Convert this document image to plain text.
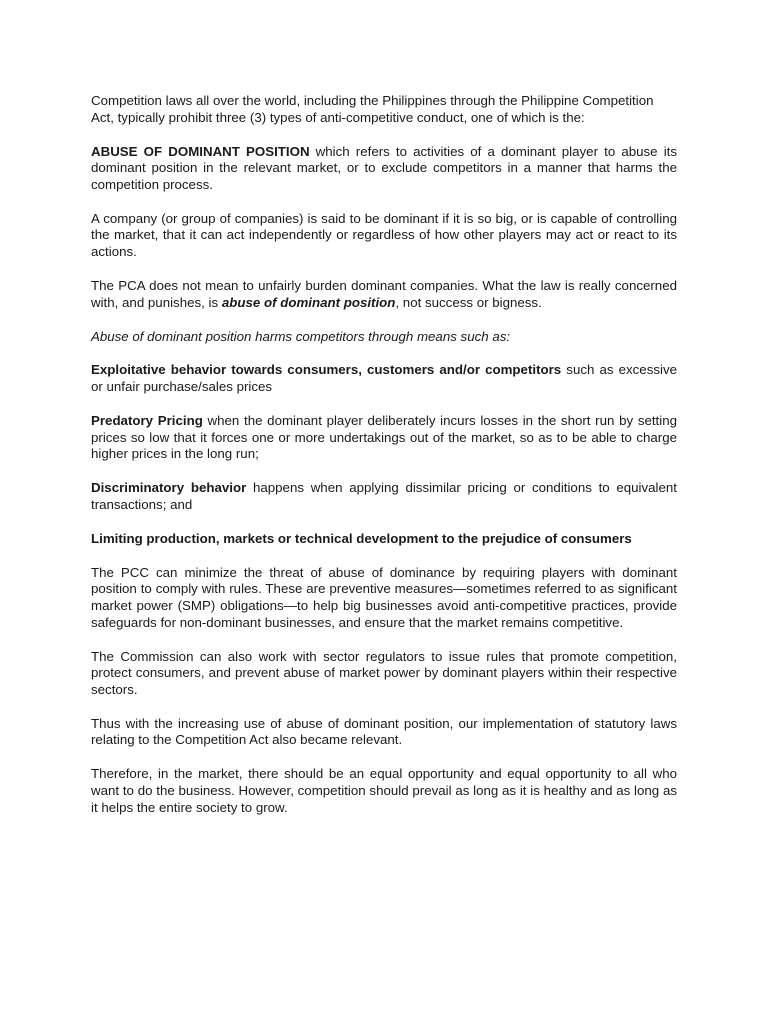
Competition laws all over the world, including the Philippines through the Philippine Competition Act, typically prohibit three (3) types of anti-competitive conduct, one of which is the:

ABUSE OF DOMINANT POSITION which refers to activities of a dominant player to abuse its dominant position in the relevant market, or to exclude competitors in a manner that harms the competition process.

A company (or group of companies) is said to be dominant if it is so big, or is capable of controlling the market, that it can act independently or regardless of how other players may act or react to its actions.

The PCA does not mean to unfairly burden dominant companies. What the law is really concerned with, and punishes, is abuse of dominant position, not success or bigness.

Abuse of dominant position harms competitors through means such as:

Exploitative behavior towards consumers, customers and/or competitors such as excessive or unfair purchase/sales prices

Predatory Pricing when the dominant player deliberately incurs losses in the short run by setting prices so low that it forces one or more undertakings out of the market, so as to be able to charge higher prices in the long run;

Discriminatory behavior happens when applying dissimilar pricing or conditions to equivalent transactions; and

Limiting production, markets or technical development to the prejudice of consumers

The PCC can minimize the threat of abuse of dominance by requiring players with dominant position to comply with rules. These are preventive measures—sometimes referred to as significant market power (SMP) obligations—to help big businesses avoid anti-competitive practices, provide safeguards for non-dominant businesses, and ensure that the market remains competitive.

The Commission can also work with sector regulators to issue rules that promote competition, protect consumers, and prevent abuse of market power by dominant players within their respective sectors.

Thus with the increasing use of abuse of dominant position, our implementation of statutory laws relating to the Competition Act also became relevant.

Therefore, in the market, there should be an equal opportunity and equal opportunity to all who want to do the business. However, competition should prevail as long as it is healthy and as long as it helps the entire society to grow.
